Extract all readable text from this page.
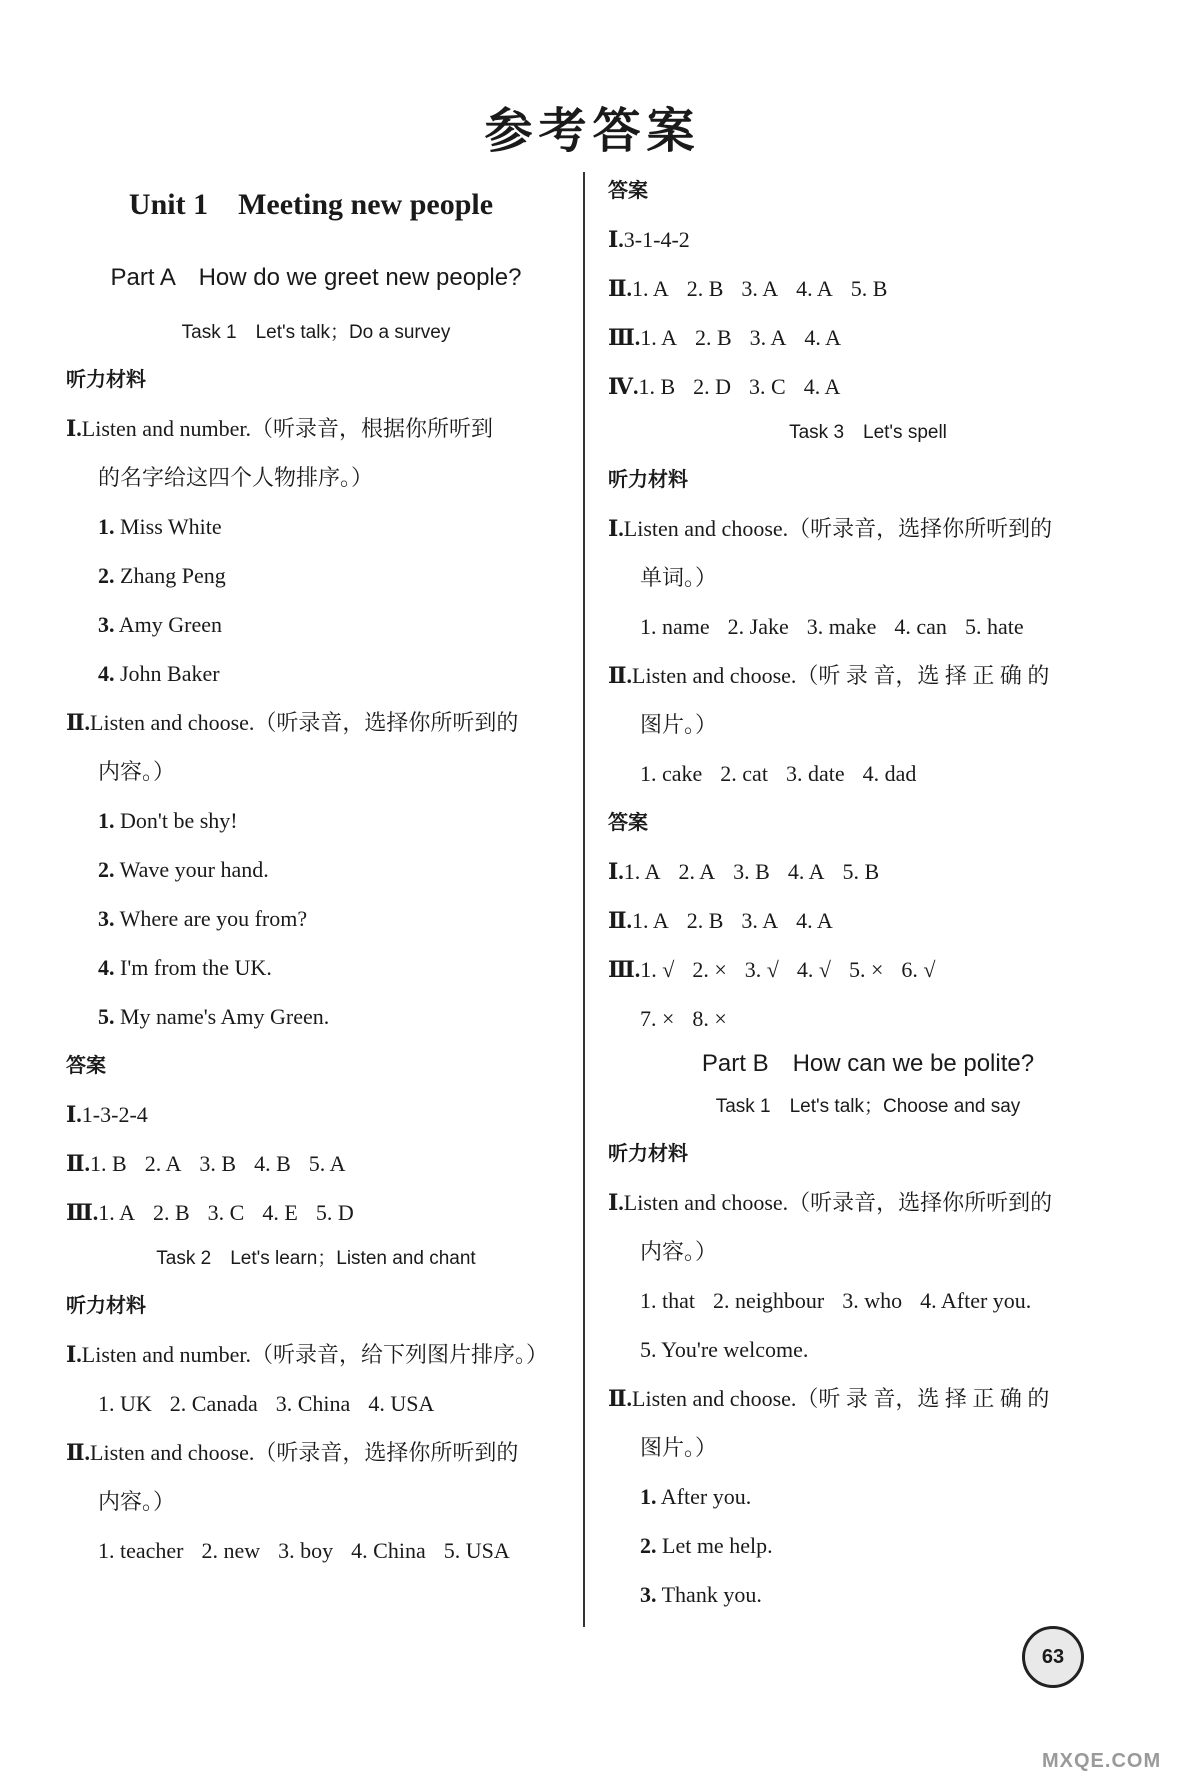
参考答案
Unit 1　Meeting new people
Part A　How do we greet new people?
Task 1　Let's talk；Do a survey
听力材料
Ⅰ.Listen and number.（听录音，根据你所听到
的名字给这四个人物排序。）
1. Miss White
2. Zhang Peng
3. Amy Green
4. John Baker
Ⅱ.Listen and choose.（听录音，选择你所听到的
内容。）
1. Don't be shy!
2. Wave your hand.
3. Where are you from?
4. I'm from the UK.
5. My name's Amy Green.
答案
Ⅰ.1-3-2-4
Ⅱ.1. B 2. A 3. B 4. B 5. A
Ⅲ.1. A 2. B 3. C 4. E 5. D
Task 2　Let's learn；Listen and chant
听力材料
Ⅰ.Listen and number.（听录音，给下列图片排序。）
1. UK 2. Canada 3. China 4. USA
Ⅱ.Listen and choose.（听录音，选择你所听到的
内容。）
1. teacher 2. new 3. boy 4. China 5. USA
答案
Ⅰ.3-1-4-2
Ⅱ.1. A 2. B 3. A 4. A 5. B
Ⅲ.1. A 2. B 3. A 4. A
Ⅳ.1. B 2. D 3. C 4. A
Task 3　Let's spell
听力材料
Ⅰ.Listen and choose.（听录音，选择你所听到的
单词。）
1. name 2. Jake 3. make 4. can 5. hate
Ⅱ.Listen and choose.（听 录 音，选 择 正 确 的
图片。）
1. cake 2. cat 3. date 4. dad
答案
Ⅰ.1. A 2. A 3. B 4. A 5. B
Ⅱ.1. A 2. B 3. A 4. A
Ⅲ.1. √ 2. × 3. √ 4. √ 5. × 6. √
7. × 8. ×
Part B　How can we be polite?
Task 1　Let's talk；Choose and say
听力材料
Ⅰ.Listen and choose.（听录音，选择你所听到的
内容。）
1. that 2. neighbour 3. who 4. After you.
5. You're welcome.
Ⅱ.Listen and choose.（听 录 音，选 择 正 确 的
图片。）
1. After you.
2. Let me help.
3. Thank you.
63
MXQE.COM
